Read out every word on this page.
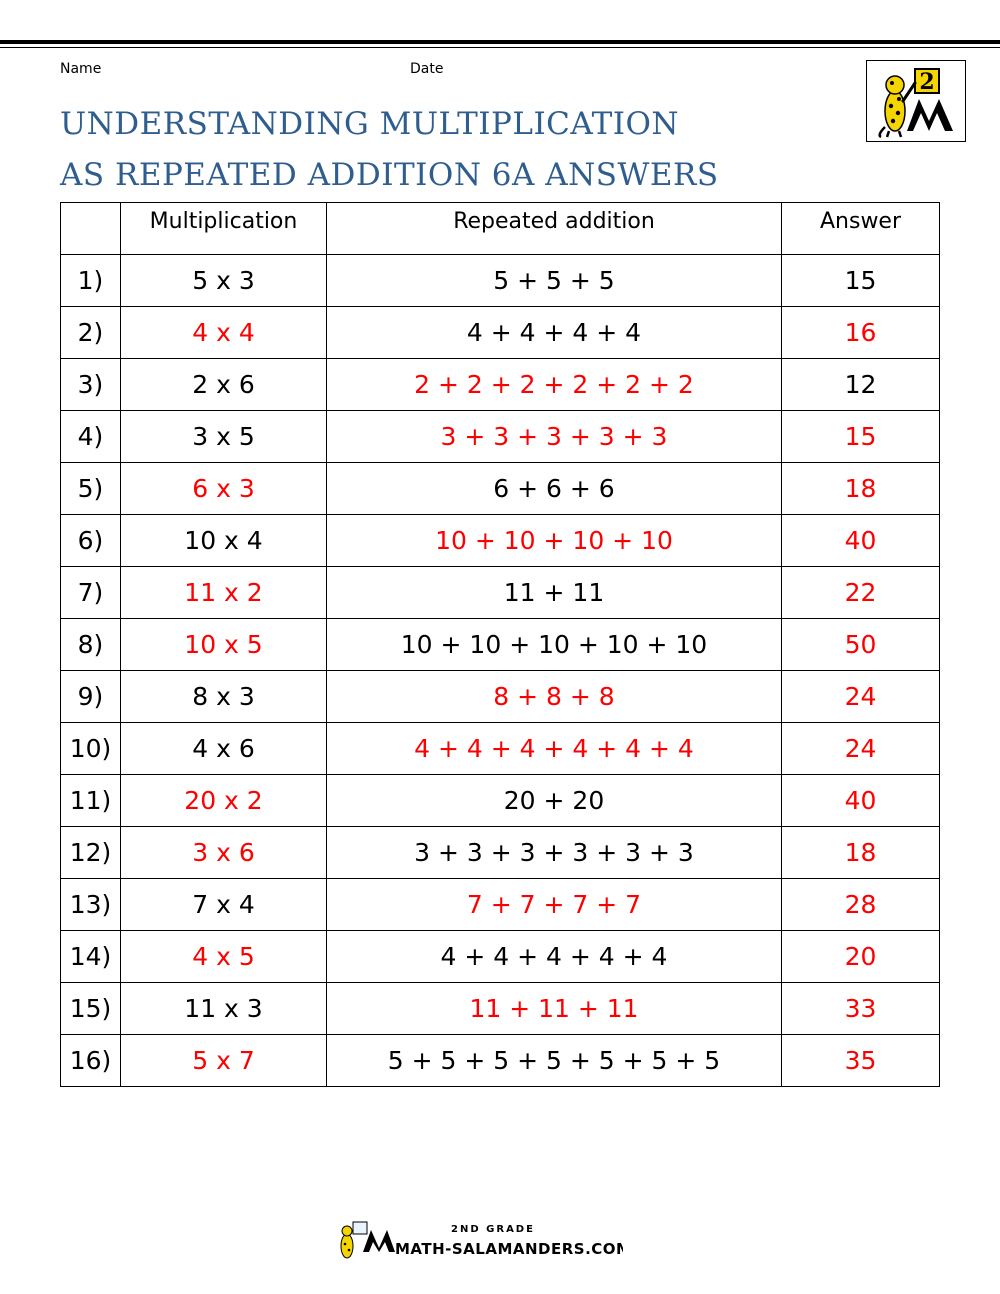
Name	Date
UNDERSTANDING MULTIPLICATION
AS REPEATED ADDITION 6A ANSWERS
2
	Multiplication	Repeated addition	Answer
1)	5 x 3	5 + 5 + 5	15
2)	4 x 4	4 + 4 + 4 + 4	16
3)	2 x 6	2 + 2 + 2 + 2 + 2 + 2	12
4)	3 x 5	3 + 3 + 3 + 3 + 3	15
5)	6 x 3	6 + 6 + 6	18
6)	10 x 4	10 + 10 + 10 + 10	40
7)	11 x 2	11 + 11	22
8)	10 x 5	10 + 10 + 10 + 10 + 10	50
9)	8 x 3	8 + 8 + 8	24
10)	4 x 6	4 + 4 + 4 + 4 + 4 + 4	24
11)	20 x 2	20 + 20	40
12)	3 x 6	3 + 3 + 3 + 3 + 3 + 3	18
13)	7 x 4	7 + 7 + 7 + 7	28
14)	4 x 5	4 + 4 + 4 + 4 + 4	20
15)	11 x 3	11 + 11 + 11	33
16)	5 x 7	5 + 5 + 5 + 5 + 5 + 5 + 5	35
2ND GRADE
MATH-SALAMANDERS.COM
